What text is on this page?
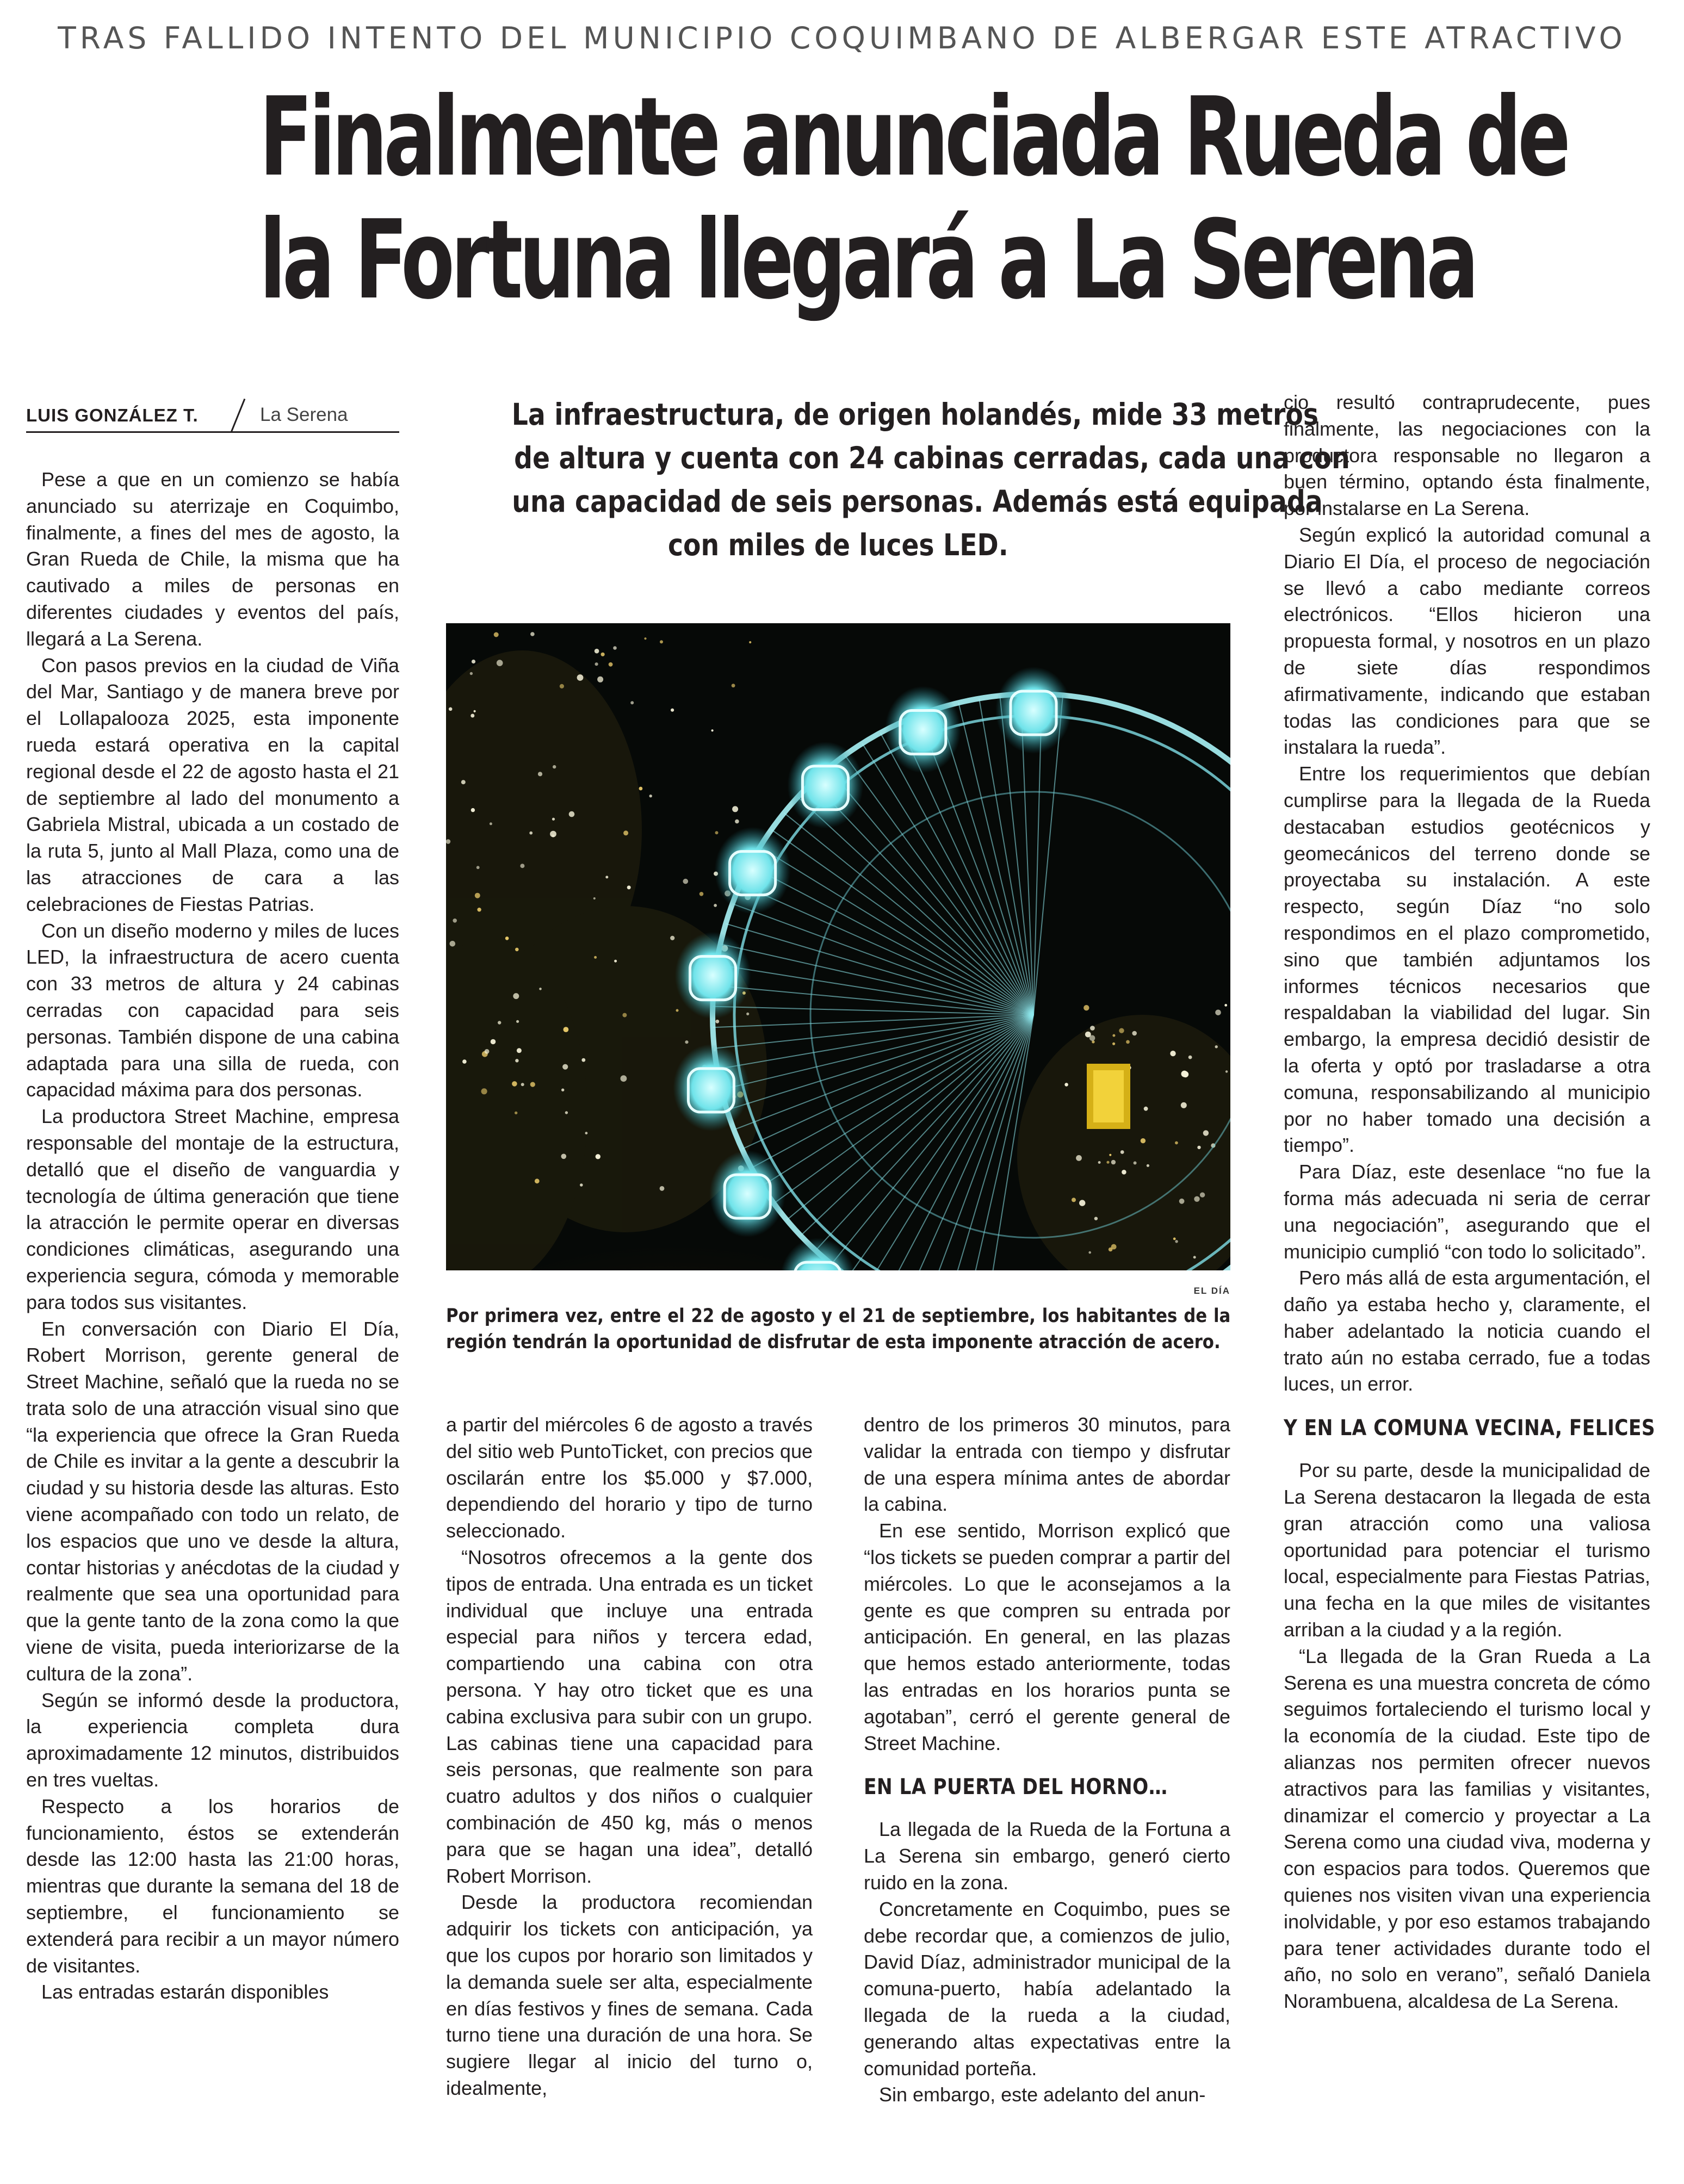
TRAS FALLIDO INTENTO DEL MUNICIPIO COQUIMBANO DE ALBERGAR ESTE ATRACTIVO
Finalmente anunciada Rueda de
la Fortuna llegará a La Serena
LUIS GONZÁLEZ T.	La Serena

Pese a que en un comienzo se había anunciado su aterrizaje en Coquimbo, finalmente, a fines del mes de agosto, la Gran Rueda de Chile, la misma que ha cautivado a miles de personas en diferentes ciudades y eventos del país, llegará a La Serena.

Con pasos previos en la ciudad de Viña del Mar, Santiago y de manera breve por el Lollapalooza 2025, esta imponente rueda estará operativa en la capital regional desde el 22 de agosto hasta el 21 de septiembre al lado del monumento a Gabriela Mistral, ubicada a un costado de la ruta 5, junto al Mall Plaza, como una de las atracciones de cara a las celebraciones de Fiestas Patrias.

Con un diseño moderno y miles de luces LED, la infraestructura de acero cuenta con 33 metros de altura y 24 cabinas cerradas con capacidad para seis personas. También dispone de una cabina adaptada para una silla de rueda, con capacidad máxima para dos personas.

La productora Street Machine, empresa responsable del montaje de la estructura, detalló que el diseño de vanguardia y tecnología de última generación que tiene la atracción le permite operar en diversas condiciones climáticas, asegurando una experiencia segura, cómoda y memorable para todos sus visitantes.

En conversación con Diario El Día, Robert Morrison, gerente general de Street Machine, señaló que la rueda no se trata solo de una atracción visual sino que “la experiencia que ofrece la Gran Rueda de Chile es invitar a la gente a descubrir la ciudad y su historia desde las alturas. Esto viene acompañado con todo un relato, de los espacios que uno ve desde la altura, contar historias y anécdotas de la ciudad y realmente que sea una oportunidad para que la gente tanto de la zona como la que viene de visita, pueda interiorizarse de la cultura de la zona”.

Según se informó desde la productora, la experiencia completa dura aproximadamente 12 minutos, distribuidos en tres vueltas.

Respecto a los horarios de funcionamiento, éstos se extenderán desde las 12:00 hasta las 21:00 horas, mientras que durante la semana del 18 de septiembre, el funcionamiento se extenderá para recibir a un mayor número de visitantes.

Las entradas estarán disponibles

La infraestructura, de origen holandés, mide 33 metros
de altura y cuenta con 24 cabinas cerradas, cada una con
una capacidad de seis personas. Además está equipada
con miles de luces LED.
EL DÍA
Por primera vez, entre el 22 de agosto y el 21 de septiembre, los habitantes de la región tendrán la oportunidad de disfrutar de esta imponente atracción de acero.

a partir del miércoles 6 de agosto a través del sitio web PuntoTicket, con precios que oscilarán entre los $5.000 y $7.000, dependiendo del horario y tipo de turno seleccionado.

“Nosotros ofrecemos a la gente dos tipos de entrada. Una entrada es un ticket individual que incluye una entrada especial para niños y tercera edad, compartiendo una cabina con otra persona. Y hay otro ticket que es una cabina exclusiva para subir con un grupo. Las cabinas tiene una capacidad para seis personas, que realmente son para cuatro adultos y dos niños o cualquier combinación de 450 kg, más o menos para que se hagan una idea”, detalló Robert Morrison.

Desde la productora recomiendan adquirir los tickets con anticipación, ya que los cupos por horario son limitados y la demanda suele ser alta, especialmente en días festivos y fines de semana. Cada turno tiene una duración de una hora. Se sugiere llegar al inicio del turno o, idealmente,

dentro de los primeros 30 minutos, para validar la entrada con tiempo y disfrutar de una espera mínima antes de abordar la cabina.

En ese sentido, Morrison explicó que “los tickets se pueden comprar a partir del miércoles. Lo que le aconsejamos a la gente es que compren su entrada por anticipación. En general, en las plazas que hemos estado anteriormente, todas las entradas en los horarios punta se agotaban”, cerró el gerente general de Street Machine.

EN LA PUERTA DEL HORNO…

La llegada de la Rueda de la Fortuna a La Serena sin embargo, generó cierto ruido en la zona.

Concretamente en Coquimbo, pues se debe recordar que, a comienzos de julio, David Díaz, administrador municipal de la comuna-puerto, había adelantado la llegada de la rueda a la ciudad, generando altas expectativas entre la comunidad porteña.

Sin embargo, este adelanto del anun-

cio resultó contraprudecente, pues finalmente, las negociaciones con la productora responsable no llegaron a buen término, optando ésta finalmente, por instalarse en La Serena.

Según explicó la autoridad comunal a Diario El Día, el proceso de negociación se llevó a cabo mediante correos electrónicos. “Ellos hicieron una propuesta formal, y nosotros en un plazo de siete días respondimos afirmativamente, indicando que estaban todas las condiciones para que se instalara la rueda”.

Entre los requerimientos que debían cumplirse para la llegada de la Rueda destacaban estudios geotécnicos y geomecánicos del terreno donde se proyectaba su instalación. A este respecto, según Díaz “no solo respondimos en el plazo comprometido, sino que también adjuntamos los informes técnicos necesarios que respaldaban la viabilidad del lugar. Sin embargo, la empresa decidió desistir de la oferta y optó por trasladarse a otra comuna, responsabilizando al municipio por no haber tomado una decisión a tiempo”.

Para Díaz, este desenlace “no fue la forma más adecuada ni seria de cerrar una negociación”, asegurando que el municipio cumplió “con todo lo solicitado”.

Pero más allá de esta argumentación, el daño ya estaba hecho y, claramente, el haber adelantado la noticia cuando el trato aún no estaba cerrado, fue a todas luces, un error.

Y EN LA COMUNA VECINA, FELICES

Por su parte, desde la municipalidad de La Serena destacaron la llegada de esta gran atracción como una valiosa oportunidad para potenciar el turismo local, especialmente para Fiestas Patrias, una fecha en la que miles de visitantes arriban a la ciudad y a la región.

“La llegada de la Gran Rueda a La Serena es una muestra concreta de cómo seguimos fortaleciendo el turismo local y la economía de la ciudad. Este tipo de alianzas nos permiten ofrecer nuevos atractivos para las familias y visitantes, dinamizar el comercio y proyectar a La Serena como una ciudad viva, moderna y con espacios para todos. Queremos que quienes nos visiten vivan una experiencia inolvidable, y por eso estamos trabajando para tener actividades durante todo el año, no solo en verano”, señaló Daniela Norambuena, alcaldesa de La Serena.
